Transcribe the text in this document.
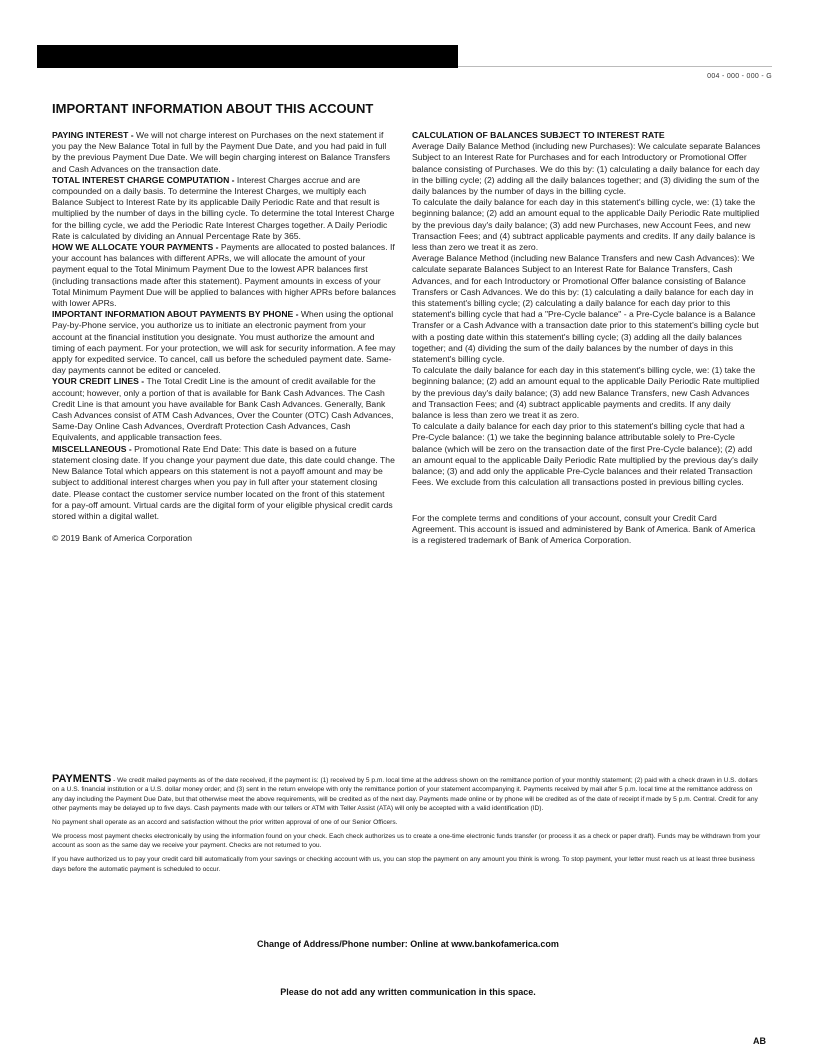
004 - 000 - 000 - G
IMPORTANT INFORMATION ABOUT THIS ACCOUNT

PAYING INTEREST - We will not charge interest on Purchases on the next statement if you pay the New Balance Total in full by the Payment Due Date, and you had paid in full by the previous Payment Due Date. We will begin charging interest on Balance Transfers and Cash Advances on the transaction date.

TOTAL INTEREST CHARGE COMPUTATION - Interest Charges accrue and are compounded on a daily basis. To determine the Interest Charges, we multiply each Balance Subject to Interest Rate by its applicable Daily Periodic Rate and that result is multiplied by the number of days in the billing cycle. To determine the total Interest Charge for the billing cycle, we add the Periodic Rate Interest Charges together. A Daily Periodic Rate is calculated by dividing an Annual Percentage Rate by 365.

HOW WE ALLOCATE YOUR PAYMENTS - Payments are allocated to posted balances. If your account has balances with different APRs, we will allocate the amount of your payment equal to the Total Minimum Payment Due to the lowest APR balances first (including transactions made after this statement). Payment amounts in excess of your Total Minimum Payment Due will be applied to balances with higher APRs before balances with lower APRs.

IMPORTANT INFORMATION ABOUT PAYMENTS BY PHONE - When using the optional Pay-by-Phone service, you authorize us to initiate an electronic payment from your account at the financial institution you designate. You must authorize the amount and timing of each payment. For your protection, we will ask for security information. A fee may apply for expedited service. To cancel, call us before the scheduled payment date. Same-day payments cannot be edited or canceled.

YOUR CREDIT LINES - The Total Credit Line is the amount of credit available for the account; however, only a portion of that is available for Bank Cash Advances. The Cash Credit Line is that amount you have available for Bank Cash Advances. Generally, Bank Cash Advances consist of ATM Cash Advances, Over the Counter (OTC) Cash Advances, Same-Day Online Cash Advances, Overdraft Protection Cash Advances, Cash Equivalents, and applicable transaction fees.

MISCELLANEOUS - Promotional Rate End Date: This date is based on a future statement closing date. If you change your payment due date, this date could change. The New Balance Total which appears on this statement is not a payoff amount and may be subject to additional interest charges when you pay in full after your statement closing date. Please contact the customer service number located on the front of this statement for a pay-off amount. Virtual cards are the digital form of your eligible physical credit cards stored within a digital wallet.

© 2019 Bank of America Corporation

CALCULATION OF BALANCES SUBJECT TO INTEREST RATE

Average Daily Balance Method (including new Purchases): We calculate separate Balances Subject to an Interest Rate for Purchases and for each Introductory or Promotional Offer balance consisting of Purchases. We do this by: (1) calculating a daily balance for each day in the billing cycle; (2) adding all the daily balances together; and (3) dividing the sum of the daily balances by the number of days in the billing cycle.

To calculate the daily balance for each day in this statement's billing cycle, we: (1) take the beginning balance; (2) add an amount equal to the applicable Daily Periodic Rate multiplied by the previous day's daily balance; (3) add new Purchases, new Account Fees, and new Transaction Fees; and (4) subtract applicable payments and credits. If any daily balance is less than zero we treat it as zero.

Average Balance Method (including new Balance Transfers and new Cash Advances): We calculate separate Balances Subject to an Interest Rate for Balance Transfers, Cash Advances, and for each Introductory or Promotional Offer balance consisting of Balance Transfers or Cash Advances. We do this by: (1) calculating a daily balance for each day in this statement's billing cycle; (2) calculating a daily balance for each day prior to this statement's billing cycle that had a "Pre-Cycle balance" - a Pre-Cycle balance is a Balance Transfer or a Cash Advance with a transaction date prior to this statement's billing cycle but with a posting date within this statement's billing cycle; (3) adding all the daily balances together; and (4) dividing the sum of the daily balances by the number of days in this statement's billing cycle.

To calculate the daily balance for each day in this statement's billing cycle, we: (1) take the beginning balance; (2) add an amount equal to the applicable Daily Periodic Rate multiplied by the previous day's daily balance; (3) add new Balance Transfers, new Cash Advances and Transaction Fees; and (4) subtract applicable payments and credits. If any daily balance is less than zero we treat it as zero.

To calculate a daily balance for each day prior to this statement's billing cycle that had a Pre-Cycle balance: (1) we take the beginning balance attributable solely to Pre-Cycle balance (which will be zero on the transaction date of the first Pre-Cycle balance); (2) add an amount equal to the applicable Daily Periodic Rate multiplied by the previous day's daily balance; (3) and add only the applicable Pre-Cycle balances and their related Transaction Fees. We exclude from this calculation all transactions posted in previous billing cycles.

For the complete terms and conditions of your account, consult your Credit Card Agreement. This account is issued and administered by Bank of America. Bank of America is a registered trademark of Bank of America Corporation.

PAYMENTS - We credit mailed payments as of the date received, if the payment is: (1) received by 5 p.m. local time at the address shown on the remittance portion of your monthly statement; (2) paid with a check drawn in U.S. dollars on a U.S. financial institution or a U.S. dollar money order; and (3) sent in the return envelope with only the remittance portion of your statement accompanying it. Payments received by mail after 5 p.m. local time at the remittance address on any day including the Payment Due Date, but that otherwise meet the above requirements, will be credited as of the next day. Payments made online or by phone will be credited as of the date of receipt if made by 5 p.m. Central. Credit for any other payments may be delayed up to five days. Cash payments made with our tellers or ATM with Teller Assist (ATA) will only be accepted with a valid identification (ID).

No payment shall operate as an accord and satisfaction without the prior written approval of one of our Senior Officers.

We process most payment checks electronically by using the information found on your check. Each check authorizes us to create a one-time electronic funds transfer (or process it as a check or paper draft). Funds may be withdrawn from your account as soon as the same day we receive your payment. Checks are not returned to you.

If you have authorized us to pay your credit card bill automatically from your savings or checking account with us, you can stop the payment on any amount you think is wrong. To stop payment, your letter must reach us at least three business days before the automatic payment is scheduled to occur.

Change of Address/Phone number: Online at www.bankofamerica.com
Please do not add any written communication in this space.
AB
